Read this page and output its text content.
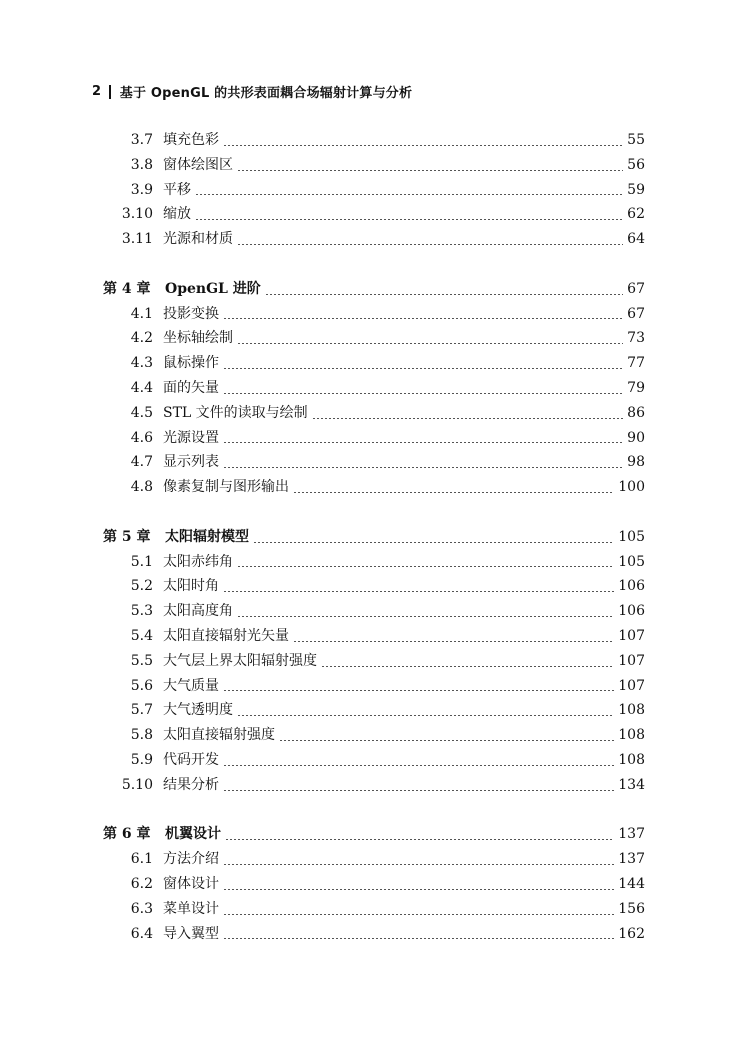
2 基于 OpenGL 的共形表面耦合场辐射计算与分析
3.7 填充色彩	55
3.8 窗体绘图区	56
3.9 平移	59
3.10 缩放	62
3.11 光源和材质	64
第 4 章	OpenGL 进阶	67
4.1 投影变换	67
4.2 坐标轴绘制	73
4.3 鼠标操作	77
4.4 面的矢量	79
4.5 STL 文件的读取与绘制	86
4.6 光源设置	90
4.7 显示列表	98
4.8 像素复制与图形输出	100
第 5 章	太阳辐射模型	105
5.1 太阳赤纬角	105
5.2 太阳时角	106
5.3 太阳高度角	106
5.4 太阳直接辐射光矢量	107
5.5 大气层上界太阳辐射强度	107
5.6 大气质量	107
5.7 大气透明度	108
5.8 太阳直接辐射强度	108
5.9 代码开发	108
5.10 结果分析	134
第 6 章	机翼设计	137
6.1 方法介绍	137
6.2 窗体设计	144
6.3 菜单设计	156
6.4 导入翼型	162
